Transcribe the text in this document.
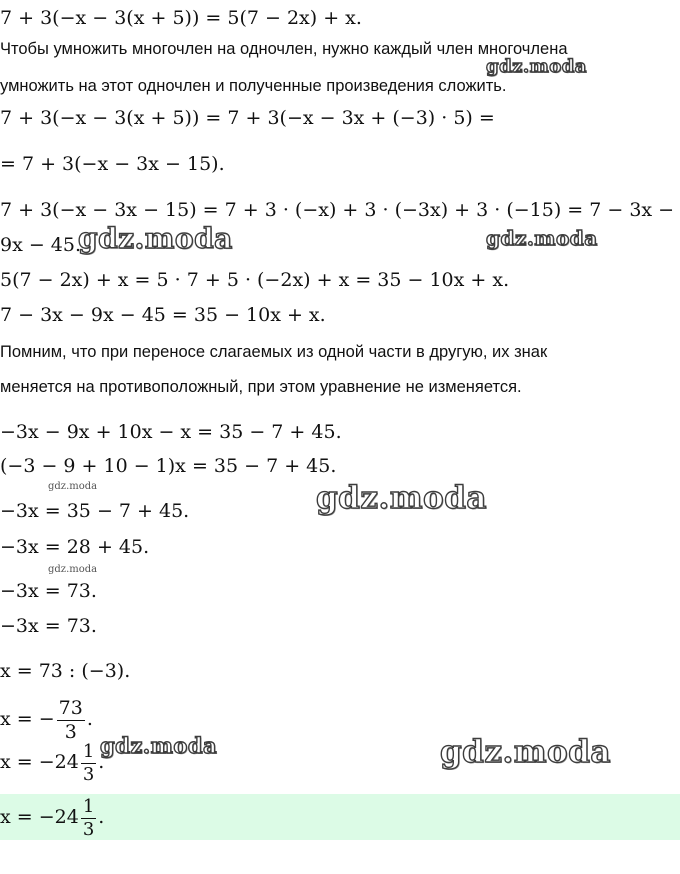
7 + 3(−x − 3(x + 5)) = 5(7 − 2x) + x.
Чтобы умножить многочлен на одночлен, нужно каждый член многочлена
умножить на этот одночлен и полученные произведения сложить.
7 + 3(−x − 3(x + 5)) = 7 + 3(−x − 3x + (−3) · 5) =
= 7 + 3(−x − 3x − 15).
7 + 3(−x − 3x − 15) = 7 + 3 · (−x) + 3 · (−3x) + 3 · (−15) = 7 − 3x −
9x − 45.
5(7 − 2x) + x = 5 · 7 + 5 · (−2x) + x = 35 − 10x + x.
7 − 3x − 9x − 45 = 35 − 10x + x.
Помним, что при переносе слагаемых из одной части в другую, их знак
меняется на противоположный, при этом уравнение не изменяется.
−3x − 9x + 10x − x = 35 − 7 + 45.
(−3 − 9 + 10 − 1)x = 35 − 7 + 45.
−3x = 35 − 7 + 45.
−3x = 28 + 45.
−3x = 73.
−3x = 73.
x = 73 : (−3).
x = − $\frac{73}{3}$ .
$x = -24 \frac{1}{3}$ .
$x = -24 \frac{1}{3}$ .
gdz.moda
gdz.moda	gdz.moda
gdz.moda	gdz.moda
gdz.moda
gdz.moda	gdz.moda
